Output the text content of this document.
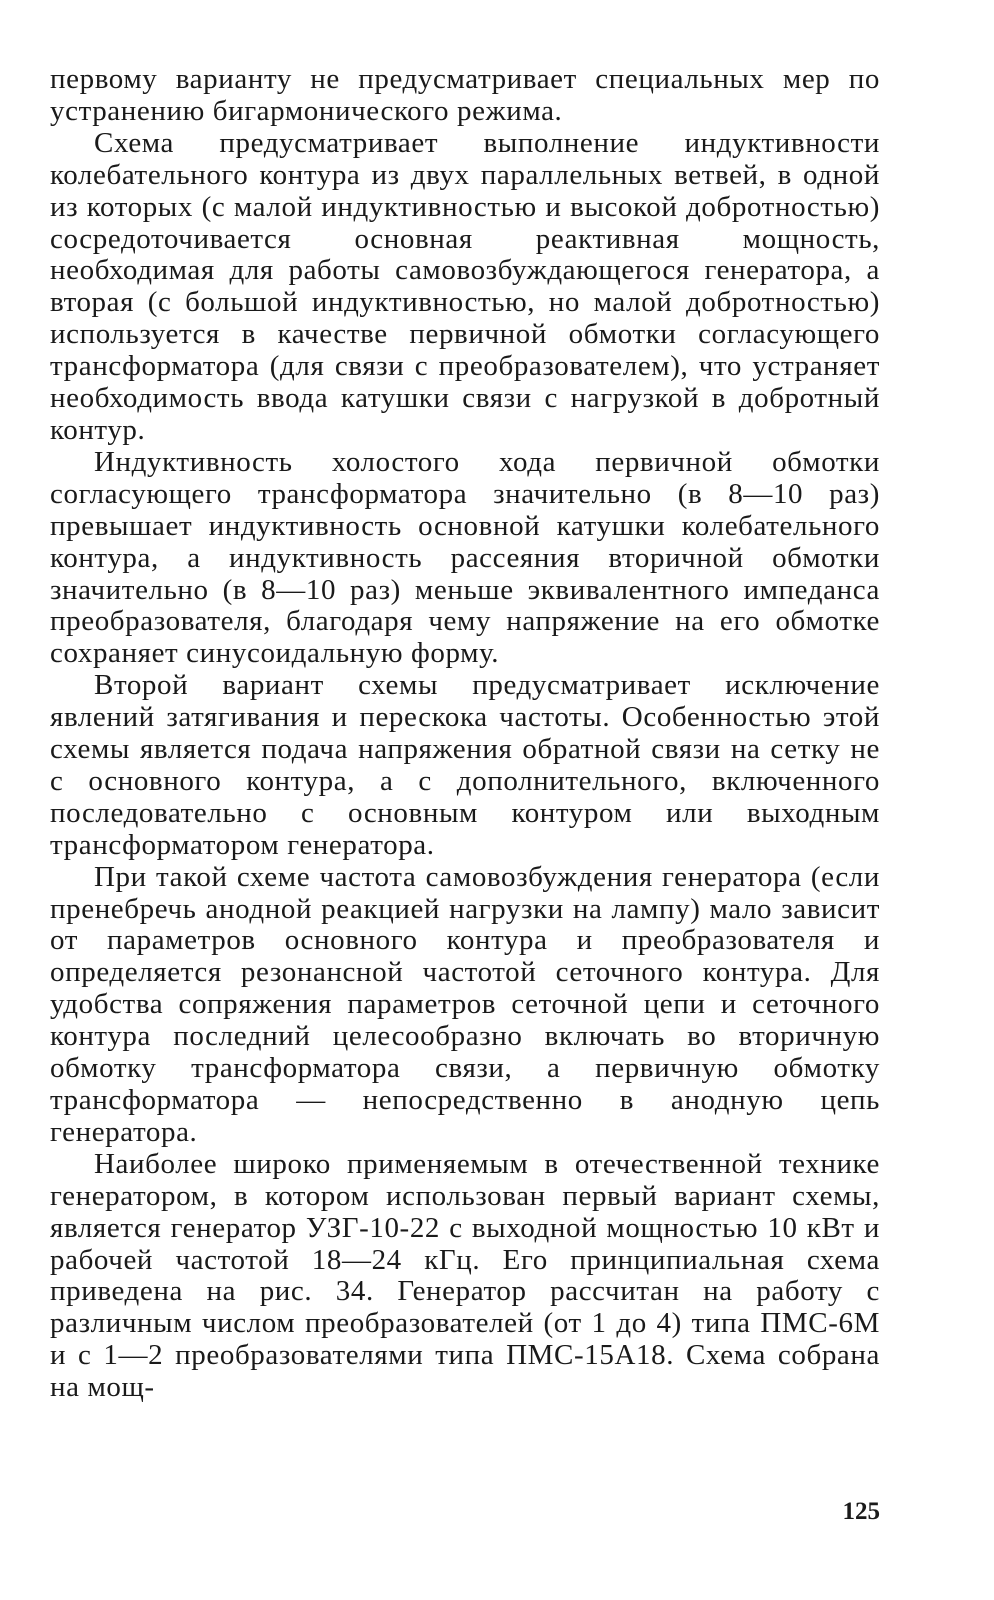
первому варианту не предусматривает специальных мер по устранению бигармонического режима.

Схема предусматривает выполнение индуктивности колебательного контура из двух параллельных ветвей, в одной из которых (с малой индуктивностью и высокой добротностью) сосредоточивается основная реактивная мощность, необходимая для работы самовозбуждающегося генератора, а вторая (с большой индуктивностью, но малой добротностью) используется в качестве первичной обмотки согласующего трансформатора (для связи с преобразователем), что устраняет необходимость ввода катушки связи с нагрузкой в добротный контур.

Индуктивность холостого хода первичной обмотки согласующего трансформатора значительно (в 8—10 раз) превышает индуктивность основной катушки колебательного контура, а индуктивность рассеяния вторичной обмотки значительно (в 8—10 раз) меньше эквивалентного импеданса преобразователя, благодаря чему напряжение на его обмотке сохраняет синусоидальную форму.

Второй вариант схемы предусматривает исключение явлений затягивания и перескока частоты. Особенностью этой схемы является подача напряжения обратной связи на сетку не с основного контура, а с дополнительного, включенного последовательно с основным контуром или выходным трансформатором генератора.

При такой схеме частота самовозбуждения генератора (если пренебречь анодной реакцией нагрузки на лампу) мало зависит от параметров основного контура и преобразователя и определяется резонансной частотой сеточного контура. Для удобства сопряжения параметров сеточной цепи и сеточного контура последний целесообразно включать во вторичную обмотку трансформатора связи, а первичную обмотку трансформатора — непосредственно в анодную цепь генератора.

Наиболее широко применяемым в отечественной технике генератором, в котором использован первый вариант схемы, является генератор УЗГ-10-22 с выходной мощностью 10 кВт и рабочей частотой 18—24 кГц. Его принципиальная схема приведена на рис. 34. Генератор рассчитан на работу с различным числом преобразователей (от 1 до 4) типа ПМС-6М и с 1—2 преобразователями типа ПМС-15А18. Схема собрана на мощ-

125
